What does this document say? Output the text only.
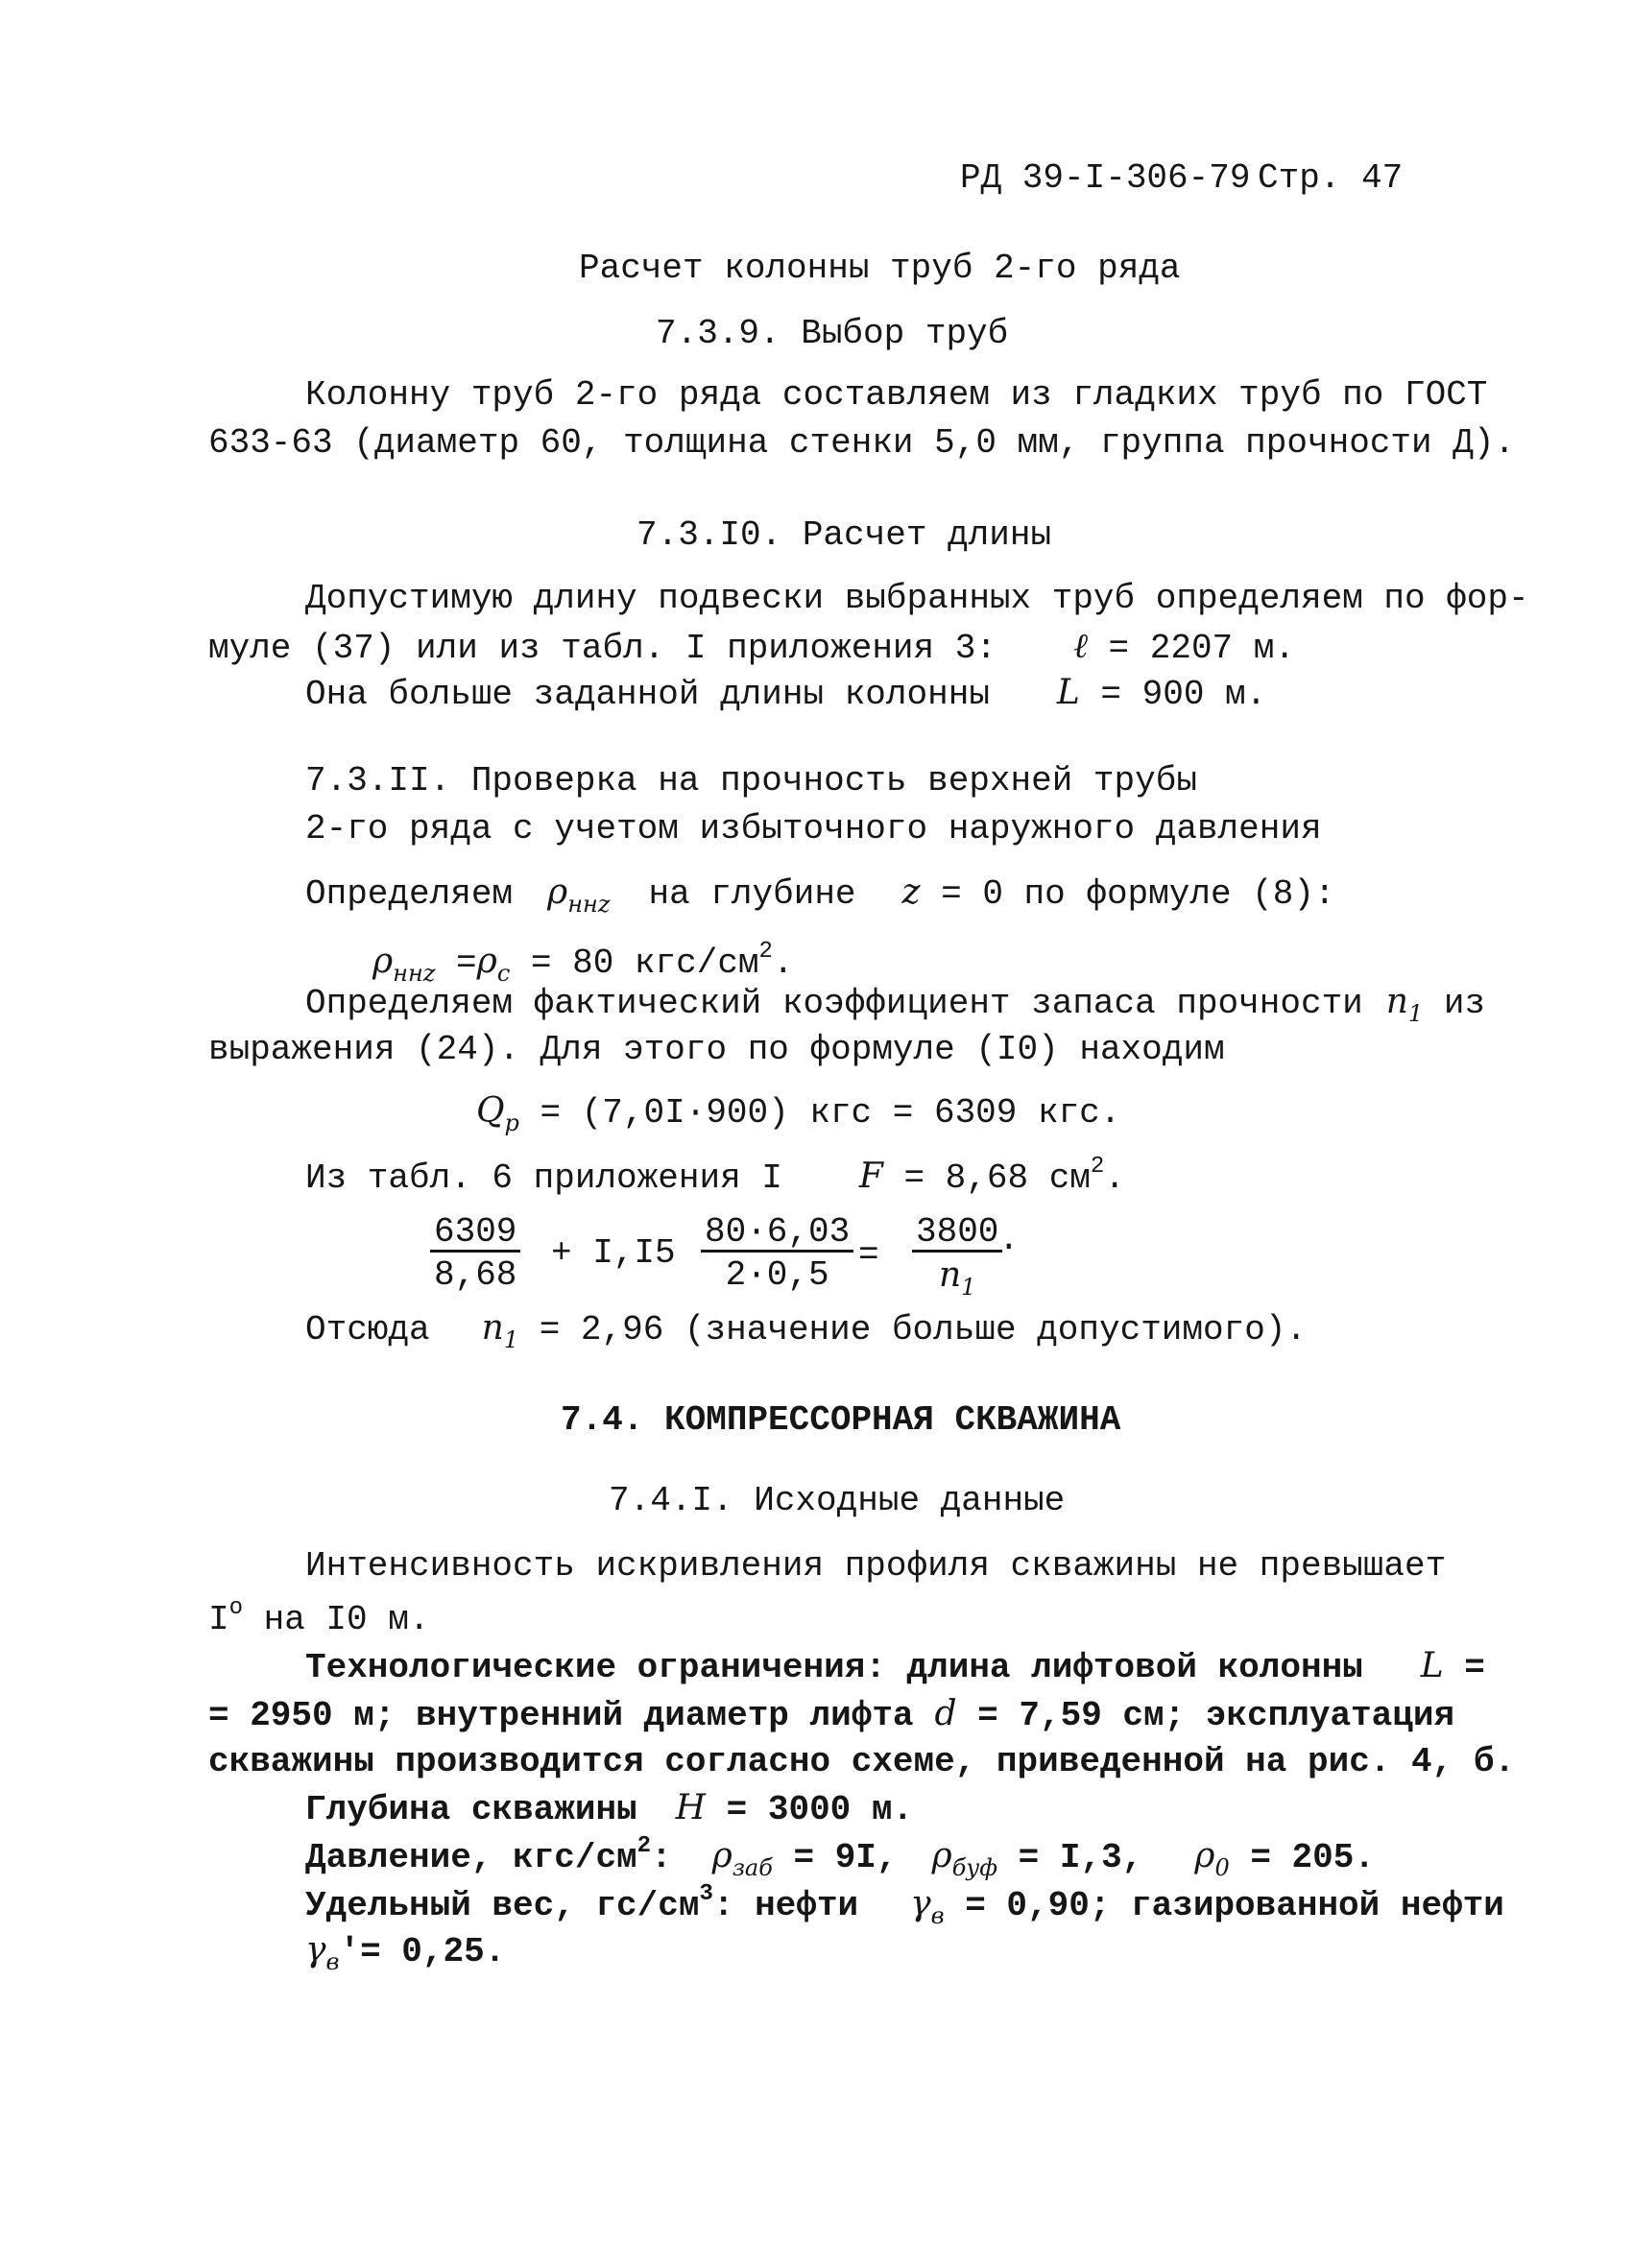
РД 39-I-306-79 Стр. 47
Расчет колонны труб 2-го ряда
7.3.9. Выбор труб
Колонну труб 2-го ряда составляем из гладких труб по ГОСТ
633-63 (диаметр 60, толщина стенки 5,0 мм, группа прочности Д).
7.3.I0. Расчет длины
Допустимую длину подвески выбранных труб определяем по фор-
муле (37) или из табл. I приложения 3: ℓ = 2207 м.
Она больше заданной длины колонны L = 900 м.
7.3.II. Проверка на прочность верхней трубы
2-го ряда с учетом избыточного наружного давления
Определяем $\rho_{ннz}$ на глубине z = 0 по формуле (8):
$\rho_{ннz} =\rho_с = 80$ кгс/$см^2$.
Определяем фактический коэффициент запаса прочности $n_1$ из
выражения (24). Для этого по формуле (I0) находим
$Q_р = (7,0I\cdot 900)$ кгс = 6309 кгс.
Из табл. 6 приложения I F = 8,68 $см^2$.
$\frac{6309}{8,68} + I,I5 \frac{80\cdot 6,03}{2\cdot 0,5} = \frac{3800}{n_1}$
.
Отсюда $n_1 = 2,96$ (значение больше допустимого).
7.4. КОМПРЕССОРНАЯ СКВАЖИНА
7.4.I. Исходные данные
Интенсивность искривления профиля скважины не превышает
$I^o$ на I0 м.
Технологические ограничения: длина лифтовой колонны L =
= 2950 м; внутренний диаметр лифта d = 7,59 см; эксплуатация
скважины производится согласно схеме, приведенной на рис. 4, б.
Глубина скважины H = 3000 м.
Давление, кгс/$см^2$: $\rho_{заб} = 9I$, $\rho_{буф} = I,3$, $\rho_0 = 205$.
Удельный вес, $гс/см^3$: нефти $\gamma_в = 0,90$; газированной нефти
$\gamma_в'= 0,25$.
